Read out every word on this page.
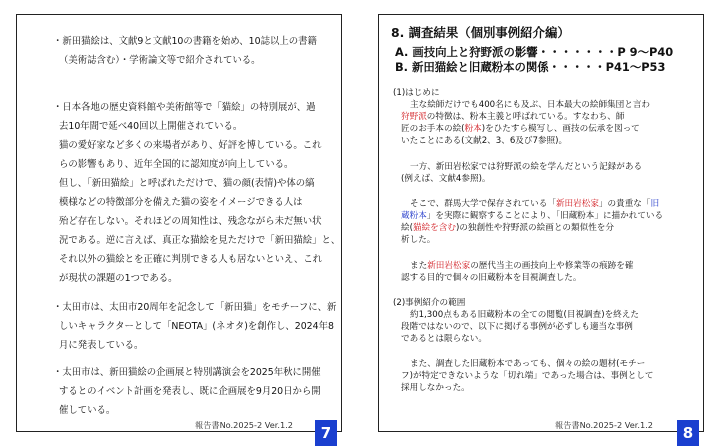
・新田猫絵は、文献9と文献10の書籍を始め、10誌以上の書籍
（美術誌含む）・学術論文等で紹介されている。
・日本各地の歴史資料館や美術館等で「猫絵」の特別展が、過
去10年間で延べ40回以上開催されている。
猫の愛好家など多くの来場者があり、好評を博している。これ
らの影響もあり、近年全国的に認知度が向上している。
但し、「新田猫絵」と呼ばれただけで、猫の顔(表情)や体の縞
模様などの特徴部分を備えた猫の姿をイメージできる人は
殆ど存在しない。それほどの周知性は、残念ながら未だ無い状
況である。逆に言えば、真正な猫絵を見ただけで「新田猫絵」と、
それ以外の猫絵とを正確に判別できる人も居ないといえ、これ
が現状の課題の1つである。
・太田市は、太田市20周年を記念して「新田猫」をモチーフに、新
しいキャラクターとして「NEOTA」(ネオタ)を創作し、2024年8
月に発表している。
・太田市は、新田猫絵の企画展と特別講演会を2025年秋に開催
するとのイベント計画を発表し、既に企画展を9月20日から開
催している。
報告書No.2025-2 Ver.1.2	7
8. 調査結果（個別事例紹介編）
A. 画技向上と狩野派の影響・・・・・・・P 9～P40
B. 新田猫絵と旧蔵粉本の関係・・・・・P41～P53
(1)はじめに
主な絵師だけでも400名にも及ぶ、日本最大の絵師集団と言わ
狩野派の特徴は、粉本主義と呼ばれている。すなわち、師
匠のお手本の絵(粉本)をひたすら模写し、画技の伝承を図って
いたことにある(文献2、3、6及び7参照)。
一方、新田岩松家では狩野派の絵を学んだという記録がある
(例えば、文献4参照)。
そこで、群馬大学で保存されている「新田岩松家」の貴重な「旧
蔵粉本」を実際に観察することにより、「旧蔵粉本」に描かれている
絵(猫絵を含む)の独創性や狩野派の絵画との類似性を分
析した。
また新田岩松家の歴代当主の画技向上や修業等の痕跡を確
認する目的で個々の旧蔵粉本を目視調査した。
(2)事例紹介の範囲
約1,300点もある旧蔵粉本の全ての閲覧(目視調査)を終えた
段階ではないので、以下に掲げる事例が必ずしも適当な事例
であるとは限らない。
また、調査した旧蔵粉本であっても、個々の絵の題材(モチー
フ)が特定できないような「切れ端」であった場合は、事例として
採用しなかった。
報告書No.2025-2 Ver.1.2	8
